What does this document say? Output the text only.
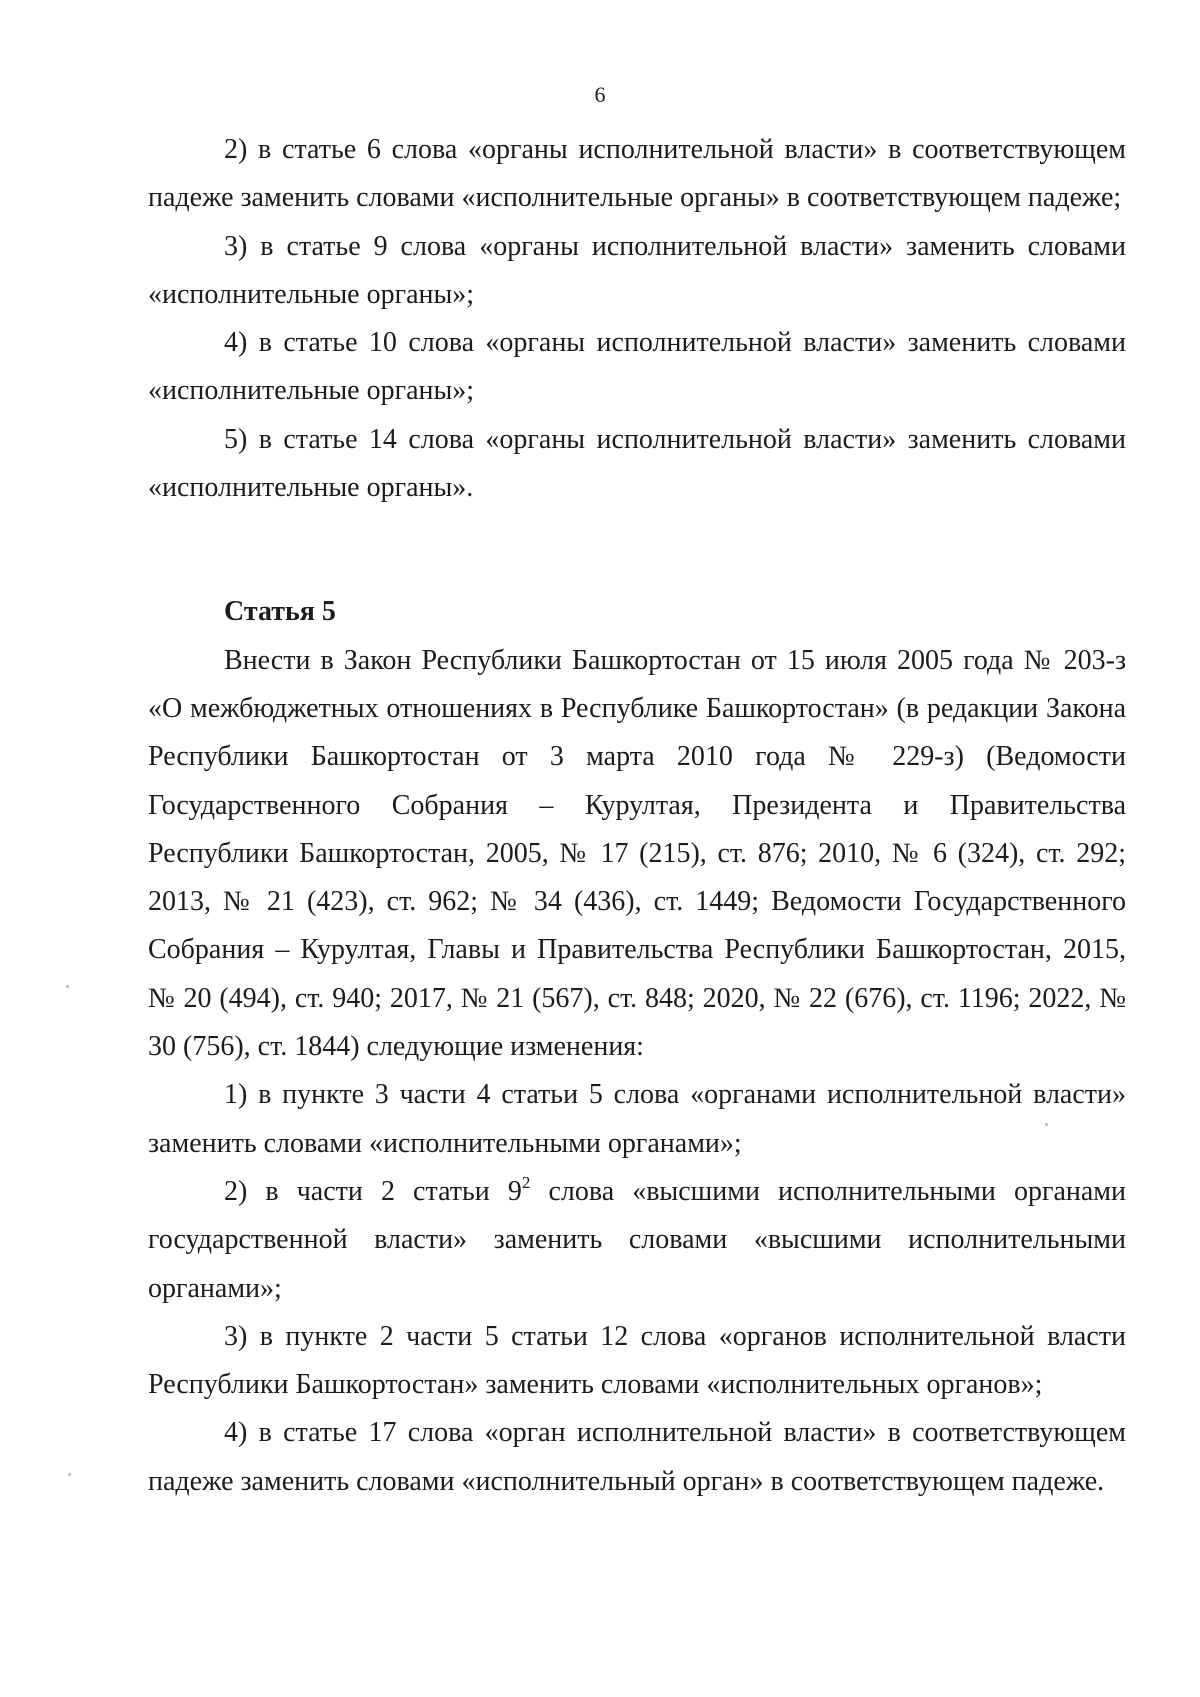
6

2) в статье 6 слова «органы исполнительной власти» в соответствующем падеже заменить словами «исполнительные органы» в соответствующем падеже;

3) в статье 9 слова «органы исполнительной власти» заменить словами «исполнительные органы»;

4) в статье 10 слова «органы исполнительной власти» заменить словами «исполнительные органы»;

5) в статье 14 слова «органы исполнительной власти» заменить словами «исполнительные органы».

Статья 5

Внести в Закон Республики Башкортостан от 15 июля 2005 года № 203-з «О межбюджетных отношениях в Республике Башкортостан» (в редакции Закона Республики Башкортостан от 3 марта 2010 года № 229-з) (Ведомости Государственного Собрания – Курултая, Президента и Правительства Республики Башкортостан, 2005, № 17 (215), ст. 876; 2010, № 6 (324), ст. 292; 2013, № 21 (423), ст. 962; № 34 (436), ст. 1449; Ведомости Государственного Собрания – Курултая, Главы и Правительства Республики Башкортостан, 2015, № 20 (494), ст. 940; 2017, № 21 (567), ст. 848; 2020, № 22 (676), ст. 1196; 2022, № 30 (756), ст. 1844) следующие изменения:

1) в пункте 3 части 4 статьи 5 слова «органами исполнительной власти» заменить словами «исполнительными органами»;

2) в части 2 статьи $9^2$ слова «высшими исполнительными органами государственной власти» заменить словами «высшими исполнительными органами»;

3) в пункте 2 части 5 статьи 12 слова «органов исполнительной власти Республики Башкортостан» заменить словами «исполнительных органов»;

4) в статье 17 слова «орган исполнительной власти» в соответствующем падеже заменить словами «исполнительный орган» в соответствующем падеже.
